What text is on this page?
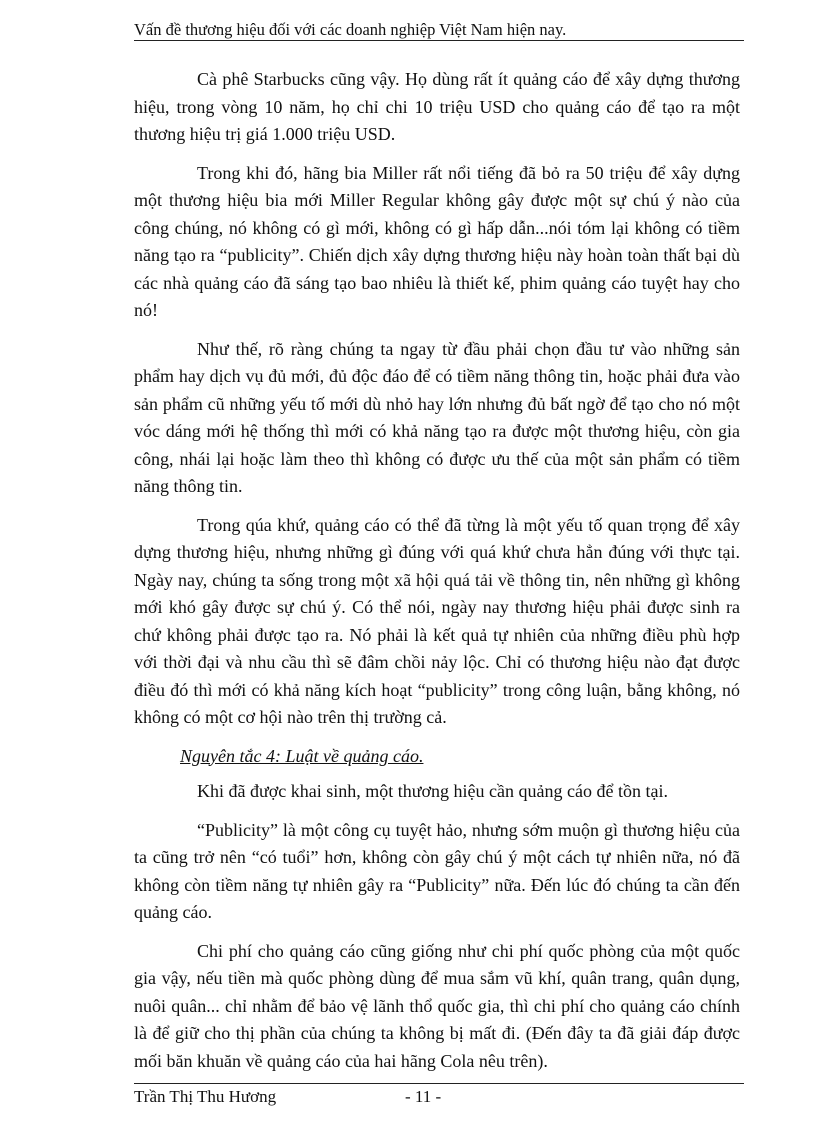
Vấn đề thương hiệu đối với các doanh nghiệp Việt Nam hiện nay.

Cà phê Starbucks cũng vậy. Họ dùng rất ít quảng cáo để xây dựng thương hiệu, trong vòng 10 năm, họ chỉ chi 10 triệu USD cho quảng cáo để tạo ra một thương hiệu trị giá 1.000 triệu USD.

Trong khi đó, hãng bia Miller rất nổi tiếng đã bỏ ra 50 triệu để xây dựng một thương hiệu bia mới Miller Regular không gây được một sự chú ý nào của công chúng, nó không có gì mới, không có gì hấp dẫn...nói tóm lại không có tiềm năng tạo ra “publicity”. Chiến dịch xây dựng thương hiệu này hoàn toàn thất bại dù các nhà quảng cáo đã sáng tạo bao nhiêu là thiết kế, phim quảng cáo tuyệt hay cho nó!

Như thế, rõ ràng chúng ta ngay từ đầu phải chọn đầu tư vào những sản phẩm hay dịch vụ đủ mới, đủ độc đáo để có tiềm năng thông tin, hoặc phải đưa vào sản phẩm cũ những yếu tố mới dù nhỏ hay lớn nhưng đủ bất ngờ để tạo cho nó một vóc dáng mới hệ thống thì mới có khả năng tạo ra được một thương hiệu, còn gia công, nhái lại hoặc làm theo thì không có được ưu thế của một sản phẩm có tiềm năng thông tin.

Trong qúa khứ, quảng cáo có thể đã từng là một yếu tố quan trọng để xây dựng thương hiệu, nhưng những gì đúng với quá khứ chưa hẳn đúng với thực tại. Ngày nay, chúng ta sống trong một xã hội quá tải về thông tin, nên những gì không mới khó gây được sự chú ý. Có thể nói, ngày nay thương hiệu phải được sinh ra chứ không phải được tạo ra. Nó phải là kết quả tự nhiên của những điều phù hợp với thời đại và nhu cầu thì sẽ đâm chồi nảy lộc. Chỉ có thương hiệu nào đạt được điều đó thì mới có khả năng kích hoạt “publicity” trong công luận, bằng không, nó không có một cơ hội nào trên thị trường cả.

Nguyên tắc 4: Luật về quảng cáo.

Khi đã được khai sinh, một thương hiệu cần quảng cáo để tồn tại.

“Publicity” là một công cụ tuyệt hảo, nhưng sớm muộn gì thương hiệu của ta cũng trở nên “có tuổi” hơn, không còn gây chú ý một cách tự nhiên nữa, nó đã không còn tiềm năng tự nhiên gây ra “Publicity” nữa. Đến lúc đó chúng ta cần đến quảng cáo.

Chi phí cho quảng cáo cũng giống như chi phí quốc phòng của một quốc gia vậy, nếu tiền mà quốc phòng dùng để mua sắm vũ khí, quân trang, quân dụng, nuôi quân... chỉ nhằm để bảo vệ lãnh thổ quốc gia, thì chi phí cho quảng cáo chính là để giữ cho thị phần của chúng ta không bị mất đi. (Đến đây ta đã giải đáp được mối băn khuăn về quảng cáo của hai hãng Cola nêu trên).

Trần Thị Thu Hương	- 11 -
